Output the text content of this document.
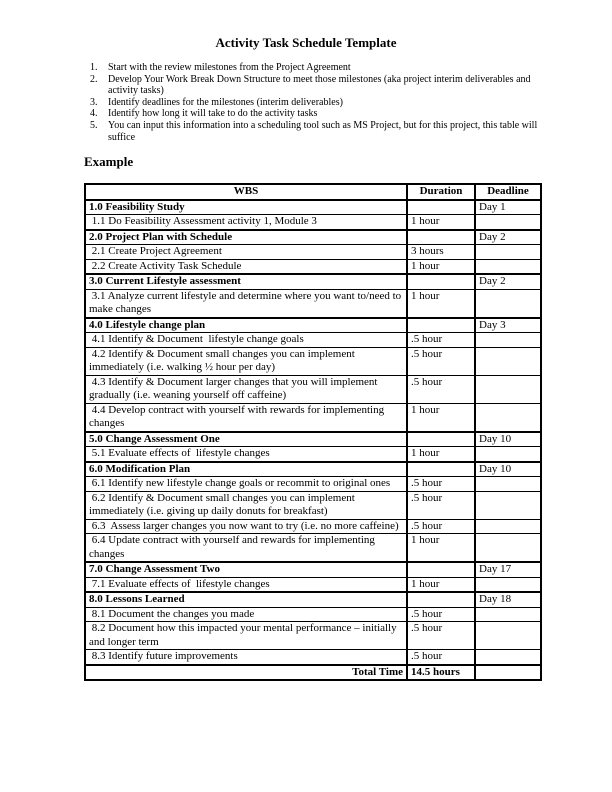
Activity Task Schedule Template
1.	Start with the review milestones from the Project Agreement
2.	Develop Your Work Break Down Structure to meet those milestones (aka project interim deliverables and activity tasks)
3.	Identify deadlines for the milestones (interim deliverables)
4.	Identify how long it will take to do the activity tasks
5.	You can input this information into a scheduling tool such as MS Project, but for this project, this table will suffice
Example
WBS	Duration	Deadline
1.0 Feasibility Study		Day 1
1.1 Do Feasibility Assessment activity 1, Module 3	1 hour	
2.0 Project Plan with Schedule		Day 2
2.1 Create Project Agreement	3 hours	
2.2 Create Activity Task Schedule	1 hour	
3.0 Current Lifestyle assessment		Day 2
3.1 Analyze current lifestyle and determine where you want to/need to make changes	1 hour	
4.0 Lifestyle change plan		Day 3
4.1 Identify & Document  lifestyle change goals	.5 hour	
4.2 Identify & Document small changes you can implement immediately (i.e. walking ½ hour per day)	.5 hour	
4.3 Identify & Document larger changes that you will implement gradually (i.e. weaning yourself off caffeine)	.5 hour	
4.4 Develop contract with yourself with rewards for implementing changes	1 hour	
5.0 Change Assessment One		Day 10
5.1 Evaluate effects of  lifestyle changes	1 hour	
6.0 Modification Plan		Day 10
6.1 Identify new lifestyle change goals or recommit to original ones	.5 hour	
6.2 Identify & Document small changes you can implement immediately (i.e. giving up daily donuts for breakfast)	.5 hour	
6.3  Assess larger changes you now want to try (i.e. no more caffeine)	.5 hour	
6.4 Update contract with yourself and rewards for implementing changes	1 hour	
7.0 Change Assessment Two		Day 17
7.1 Evaluate effects of  lifestyle changes	1 hour	
8.0 Lessons Learned		Day 18
8.1 Document the changes you made	.5 hour	
8.2 Document how this impacted your mental performance – initially and longer term	.5 hour	
8.3 Identify future improvements	.5 hour	
Total Time	14.5 hours	
